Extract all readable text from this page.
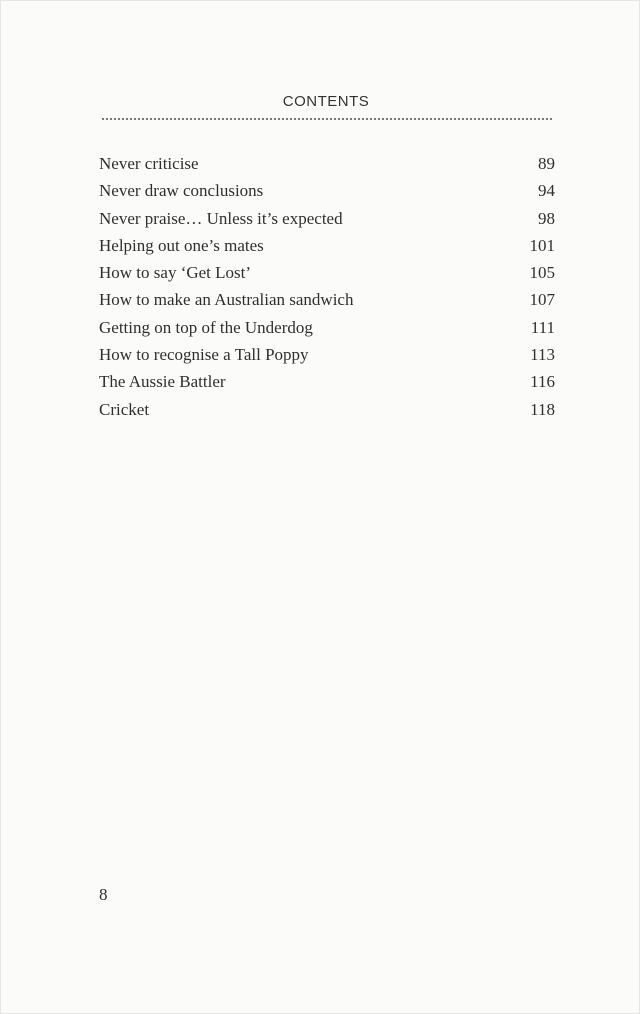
CONTENTS
Never criticise	89
Never draw conclusions	94
Never praise… Unless it’s expected	98
Helping out one’s mates	101
How to say ‘Get Lost’	105
How to make an Australian sandwich	107
Getting on top of the Underdog	111
How to recognise a Tall Poppy	113
The Aussie Battler	116
Cricket	118
8
